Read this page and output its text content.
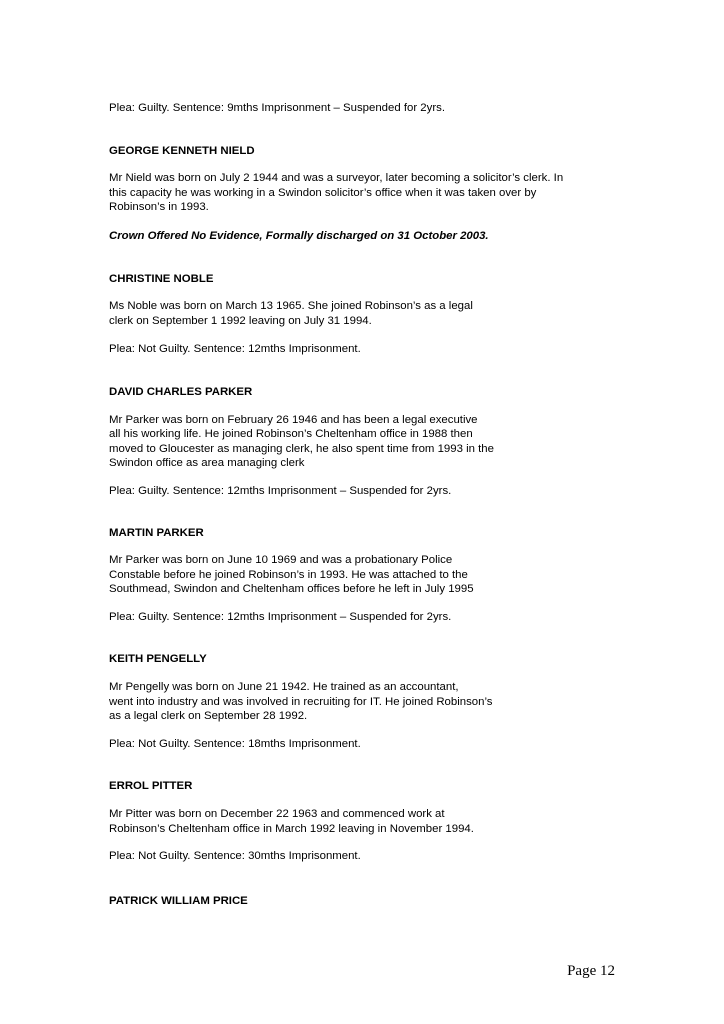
Plea: Guilty. Sentence: 9mths Imprisonment – Suspended for 2yrs.

GEORGE KENNETH NIELD

Mr Nield was born on July 2 1944 and was a surveyor, later becoming a solicitor’s clerk. In
this capacity he was working in a Swindon solicitor’s office when it was taken over by
Robinson’s in 1993.

Crown Offered No Evidence, Formally discharged on 31 October 2003.

CHRISTINE NOBLE

Ms Noble was born on March 13 1965. She joined Robinson’s as a legal
clerk on September 1 1992 leaving on July 31 1994.

Plea: Not Guilty. Sentence: 12mths Imprisonment.

DAVID CHARLES PARKER

Mr Parker was born on February 26 1946 and has been a legal executive
all his working life. He joined Robinson’s Cheltenham office in 1988 then
moved to Gloucester as managing clerk, he also spent time from 1993 in the
Swindon office as area managing clerk

Plea: Guilty. Sentence: 12mths Imprisonment – Suspended for 2yrs.

MARTIN PARKER

Mr Parker was born on June 10 1969 and was a probationary Police
Constable before he joined Robinson’s in 1993. He was attached to the
Southmead, Swindon and Cheltenham offices before he left in July 1995

Plea: Guilty. Sentence: 12mths Imprisonment – Suspended for 2yrs.

KEITH PENGELLY

Mr Pengelly was born on June 21 1942. He trained as an accountant,
went into industry and was involved in recruiting for IT. He joined Robinson’s
as a legal clerk on September 28 1992.

Plea: Not Guilty. Sentence: 18mths Imprisonment.

ERROL PITTER

Mr Pitter was born on December 22 1963 and commenced work at
Robinson’s Cheltenham office in March 1992 leaving in November 1994.

Plea: Not Guilty. Sentence: 30mths Imprisonment.

PATRICK WILLIAM PRICE

Page 12
